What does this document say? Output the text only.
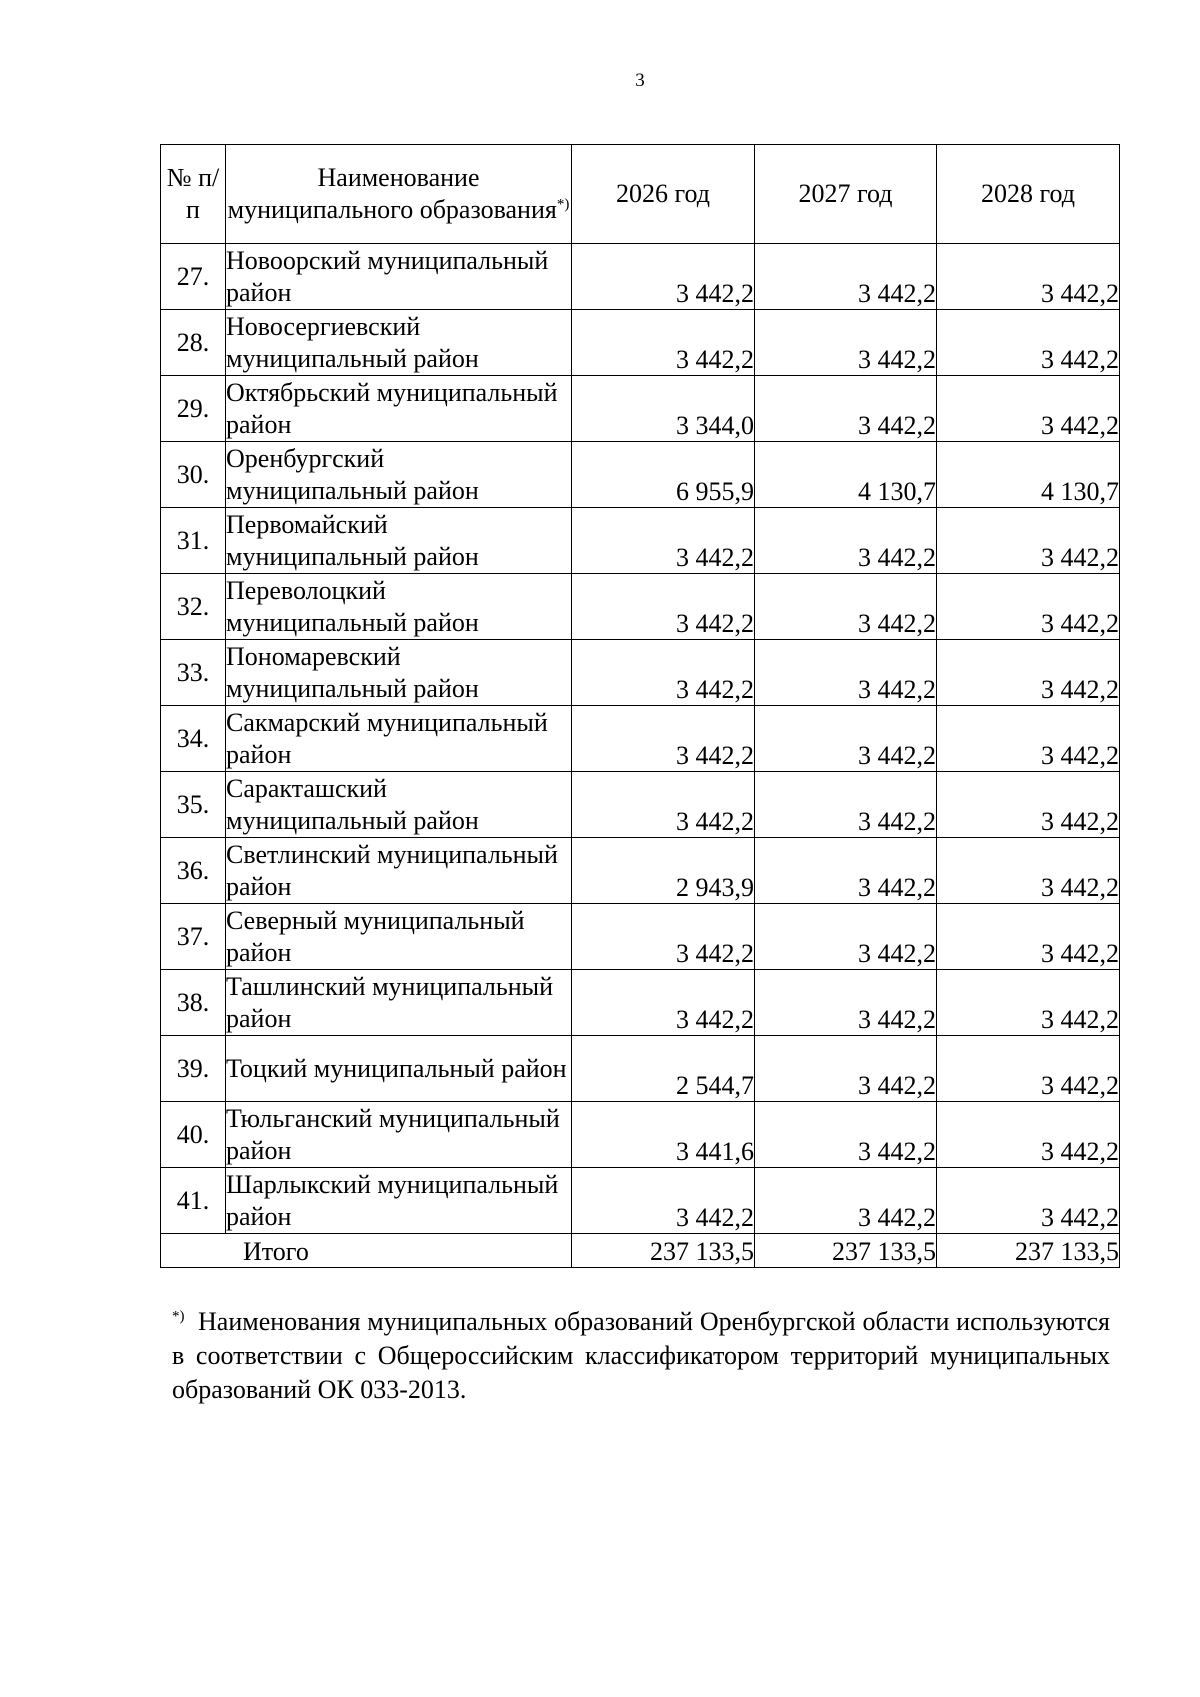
3
№ п/п	Наименование муниципального образования*)	2026 год	2027 год	2028 год
27.	Новоорский муниципальный район	3 442,2	3 442,2	3 442,2
28.	Новосергиевский муниципальный район	3 442,2	3 442,2	3 442,2
29.	Октябрьский муниципальный район	3 344,0	3 442,2	3 442,2
30.	Оренбургский муниципальный район	6 955,9	4 130,7	4 130,7
31.	Первомайский муниципальный район	3 442,2	3 442,2	3 442,2
32.	Переволоцкий муниципальный район	3 442,2	3 442,2	3 442,2
33.	Пономаревский муниципальный район	3 442,2	3 442,2	3 442,2
34.	Сакмарский муниципальный район	3 442,2	3 442,2	3 442,2
35.	Саракташский муниципальный район	3 442,2	3 442,2	3 442,2
36.	Светлинский муниципальный район	2 943,9	3 442,2	3 442,2
37.	Северный муниципальный район	3 442,2	3 442,2	3 442,2
38.	Ташлинский муниципальный район	3 442,2	3 442,2	3 442,2
39.	Тоцкий муниципальный район	2 544,7	3 442,2	3 442,2
40.	Тюльганский муниципальный район	3 441,6	3 442,2	3 442,2
41.	Шарлыкский муниципальный район	3 442,2	3 442,2	3 442,2
Итого		237 133,5	237 133,5	237 133,5
*) Наименования муниципальных образований Оренбургской области используются в соответствии с Общероссийским классификатором территорий муниципальных образований ОК 033-2013.
